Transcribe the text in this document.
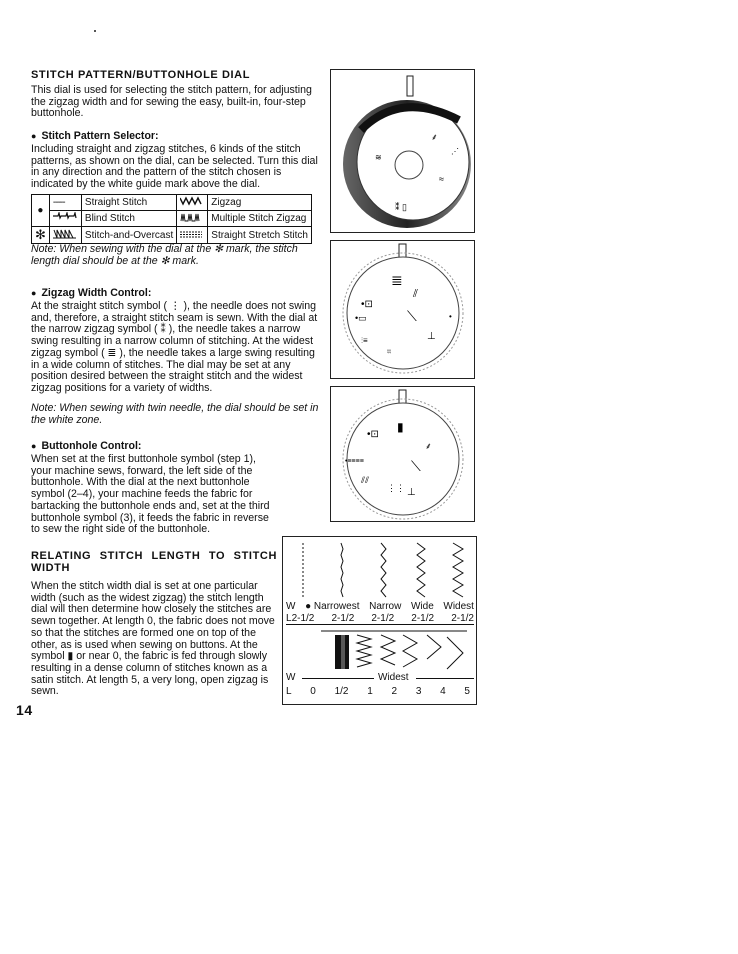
14
STITCH PATTERN/BUTTONHOLE DIAL

This dial is used for selecting the stitch pattern, for adjusting the zigzag width and for sewing the easy, built-in, four-step buttonhole.

●  Stitch Pattern Selector:

Including straight and zigzag stitches, 6 kinds of the stitch patterns, as shown on the dial, can be selected. Turn this dial in any direction and the pattern of the stitch chosen is indicated by the white guide mark above the dial.

●	-----	Straight Stitch		Zigzag
	Blind Stitch		Multiple Stitch Zigzag
✻		Stitch-and-Overcast		Straight Stretch Stitch
Note: When sewing with the dial at the ✻ mark, the stitch length dial should be at the ✻ mark.
●  Zigzag Width Control:

At the straight stitch symbol ( ⋮ ), the needle does not swing and, therefore, a straight stitch seam is sewn. With the dial at the narrow zigzag symbol ( ⁑ ), the needle takes a narrow swing resulting in a narrow column of stitching. At the widest zigzag symbol ( ≣ ), the needle takes a large swing resulting in a wide column of stitches. The dial may be set at any position desired between the straight stitch and the widest zigzag positions for a variety of widths.

Note: When sewing with twin needle, the dial should be set in the white zone.
●  Buttonhole Control:

When set at the first buttonhole symbol (step 1), your machine sews, forward, the left side of the buttonhole. With the dial at the next buttonhole symbol (2–4), your machine feeds the fabric for bartacking the buttonhole ends and, set at the third buttonhole symbol (3), it feeds the fabric in reverse to sew the right side of the buttonhole.

RELATING STITCH LENGTH TO STITCH WIDTH

When the stitch width dial is set at one particular width (such as the widest zigzag) the stitch length dial will then determine how closely the stitches are sewn together. At length 0, the fabric does not move so that the stitches are formed one on top of the other, as is used when sewing on buttons. At the symbol ▮ or near 0, the fabric is fed through slowly resulting in a dense column of stitches known as a satin stitch. At length 5, a very long, open zigzag is sewn.

≋
⸙
≈
⁑ ▯
⋰
≣
⫽
•⊡
⟍	•
•▭
⫶≡
⨾⨾
⊥
•⊡
▮
⸙
⟍
•≡≡≡≡
⫽⫽
⋮⋮ ⊥
W ● Narrowest Narrow Wide Widest
L2-1/2 2-1/2 2-1/2 2-1/2 2-1/2
W	Widest
L 0 1/2 1 2 3 4 5
